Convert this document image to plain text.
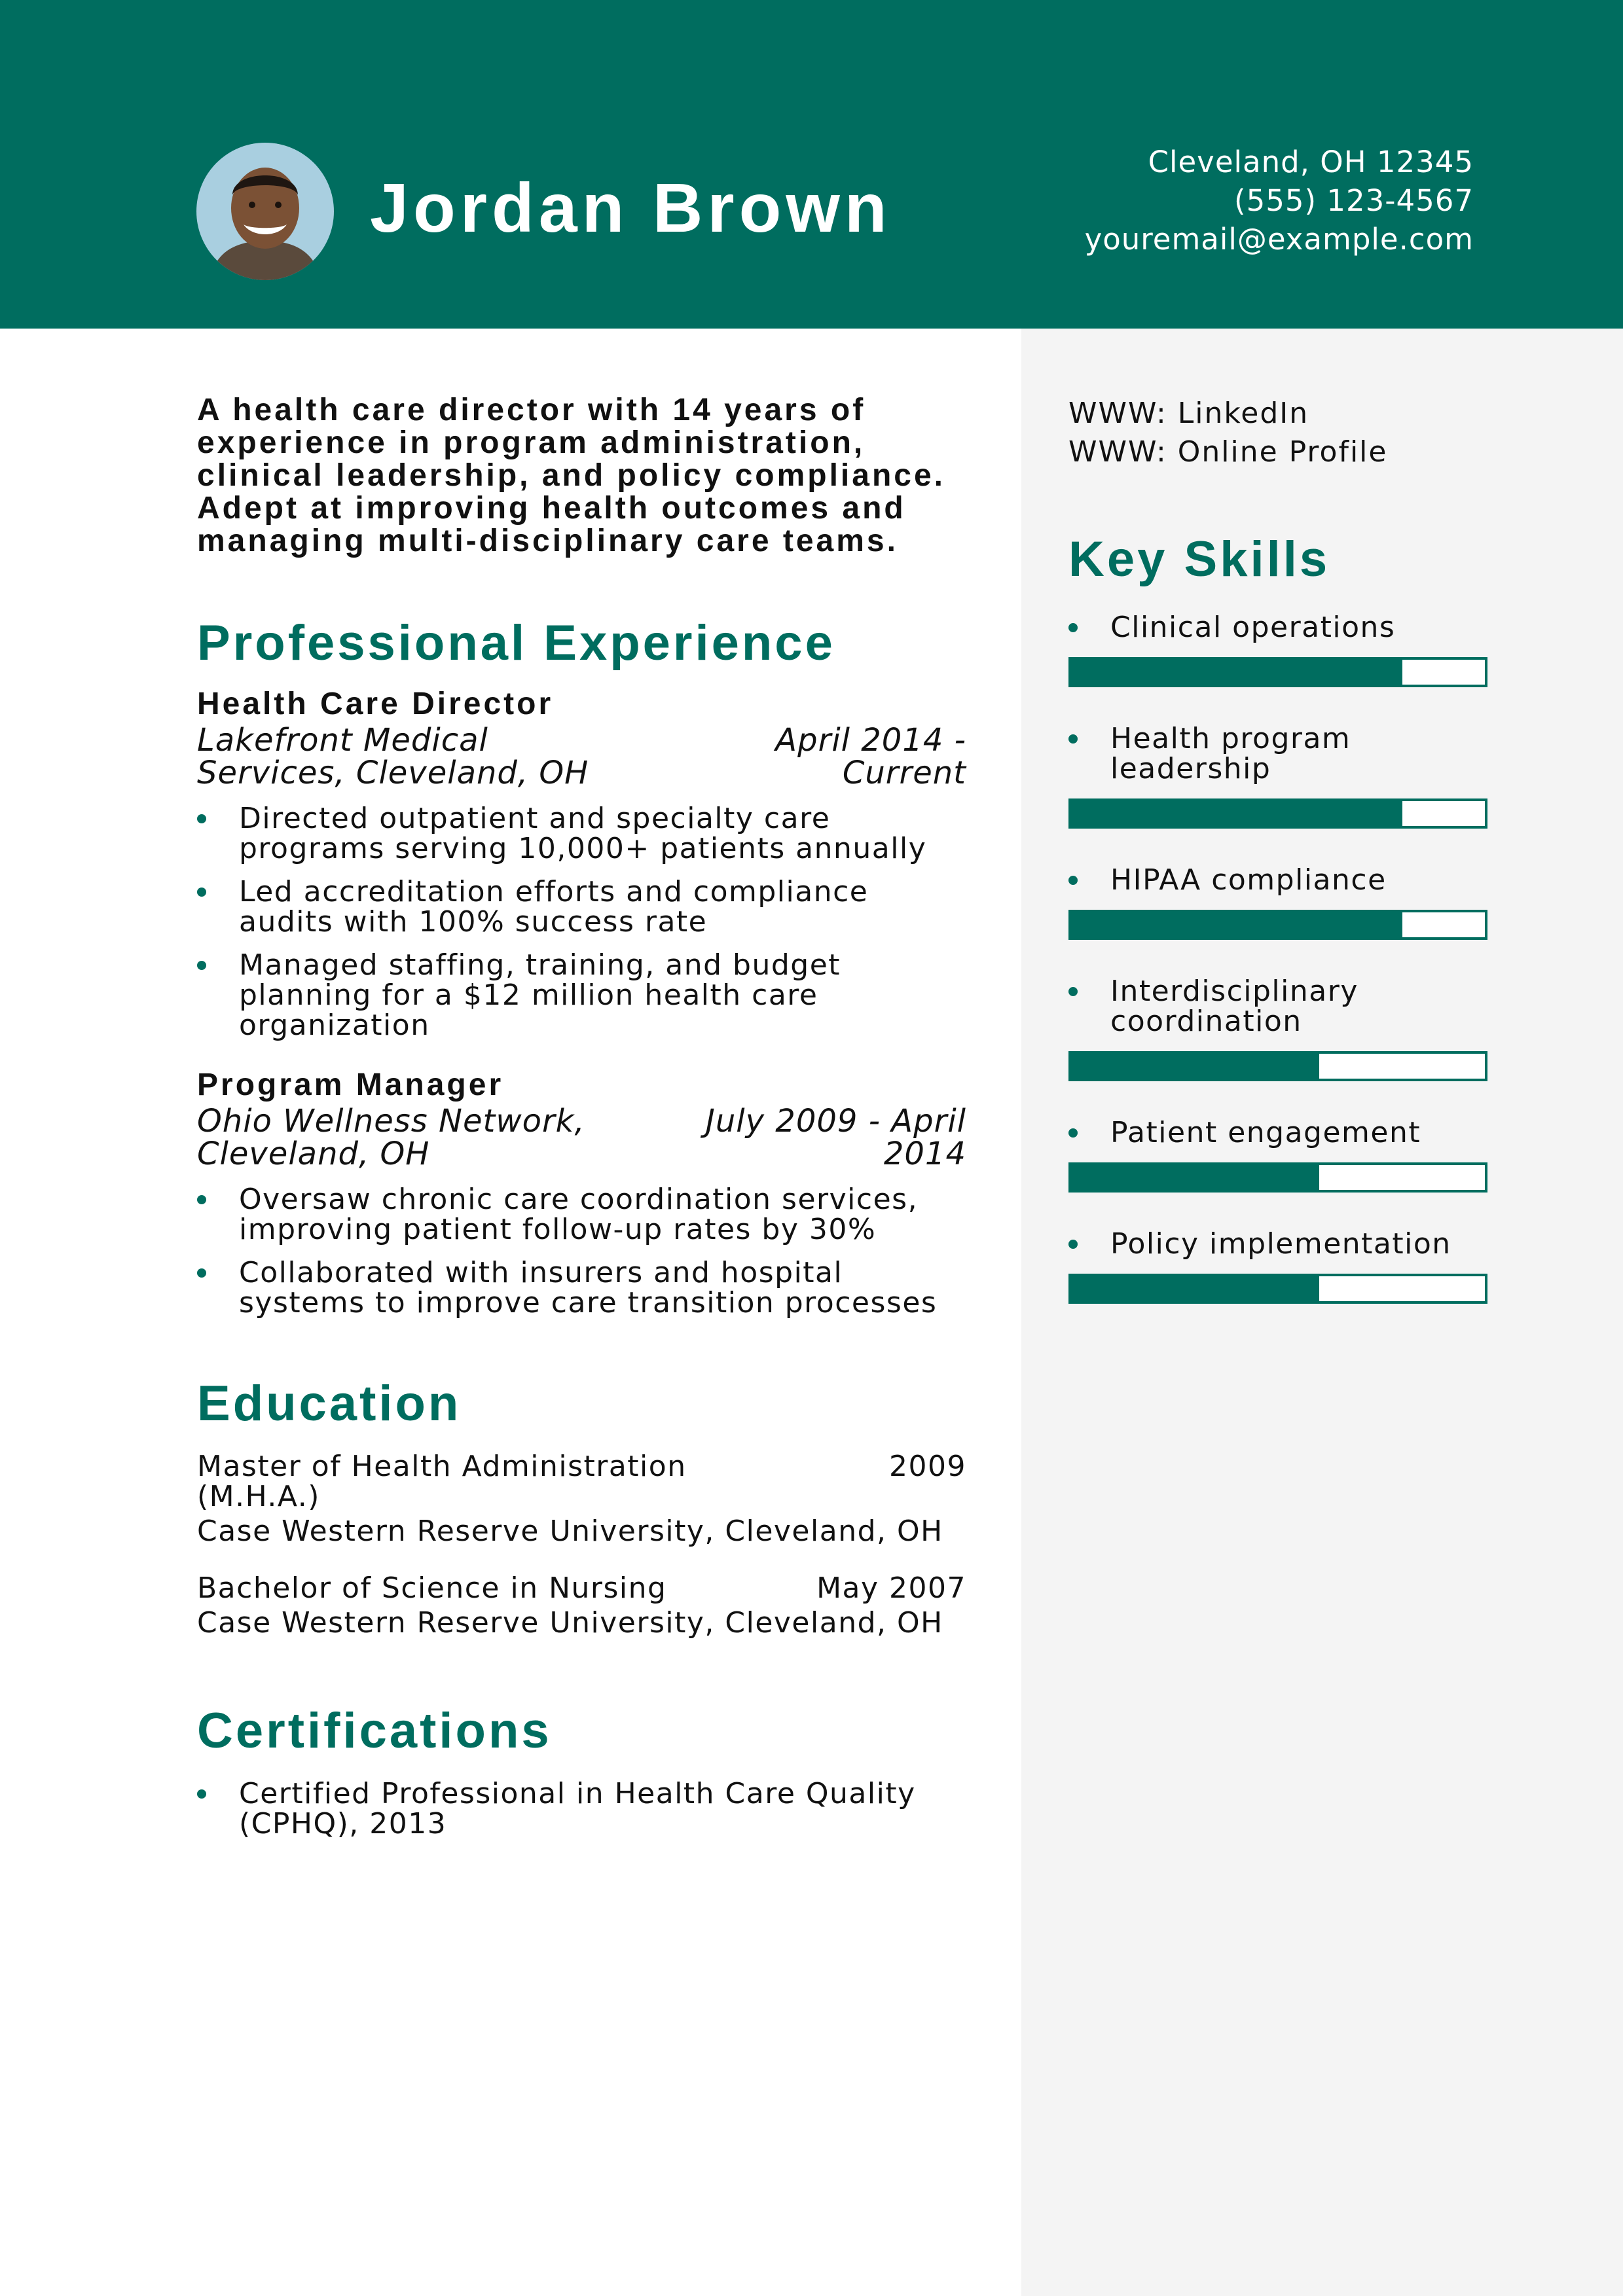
Jordan Brown
Cleveland, OH 12345
(555) 123-4567
youremail@example.com

A health care director with 14 years of experience in program administration, clinical leadership, and policy compliance. Adept at improving health outcomes and managing multi-disciplinary care teams.

Professional Experience
Health Care Director
Lakefront Medical Services, Cleveland, OH
April 2014 - Current
Directed outpatient and specialty care programs serving 10,000+ patients annually
Led accreditation efforts and compliance audits with 100% success rate
Managed staffing, training, and budget planning for a $12 million health care organization
Program Manager
Ohio Wellness Network, Cleveland, OH
July 2009 - April 2014
Oversaw chronic care coordination services, improving patient follow-up rates by 30%
Collaborated with insurers and hospital systems to improve care transition processes
Education
Master of Health Administration (M.H.A.)
2009
Case Western Reserve University, Cleveland, OH
Bachelor of Science in Nursing	May 2007
Case Western Reserve University, Cleveland, OH
Certifications
Certified Professional in Health Care Quality (CPHQ), 2013
WWW: LinkedIn
WWW: Online Profile
Key Skills
Clinical operations
Health program leadership
HIPAA compliance
Interdisciplinary coordination
Patient engagement
Policy implementation
